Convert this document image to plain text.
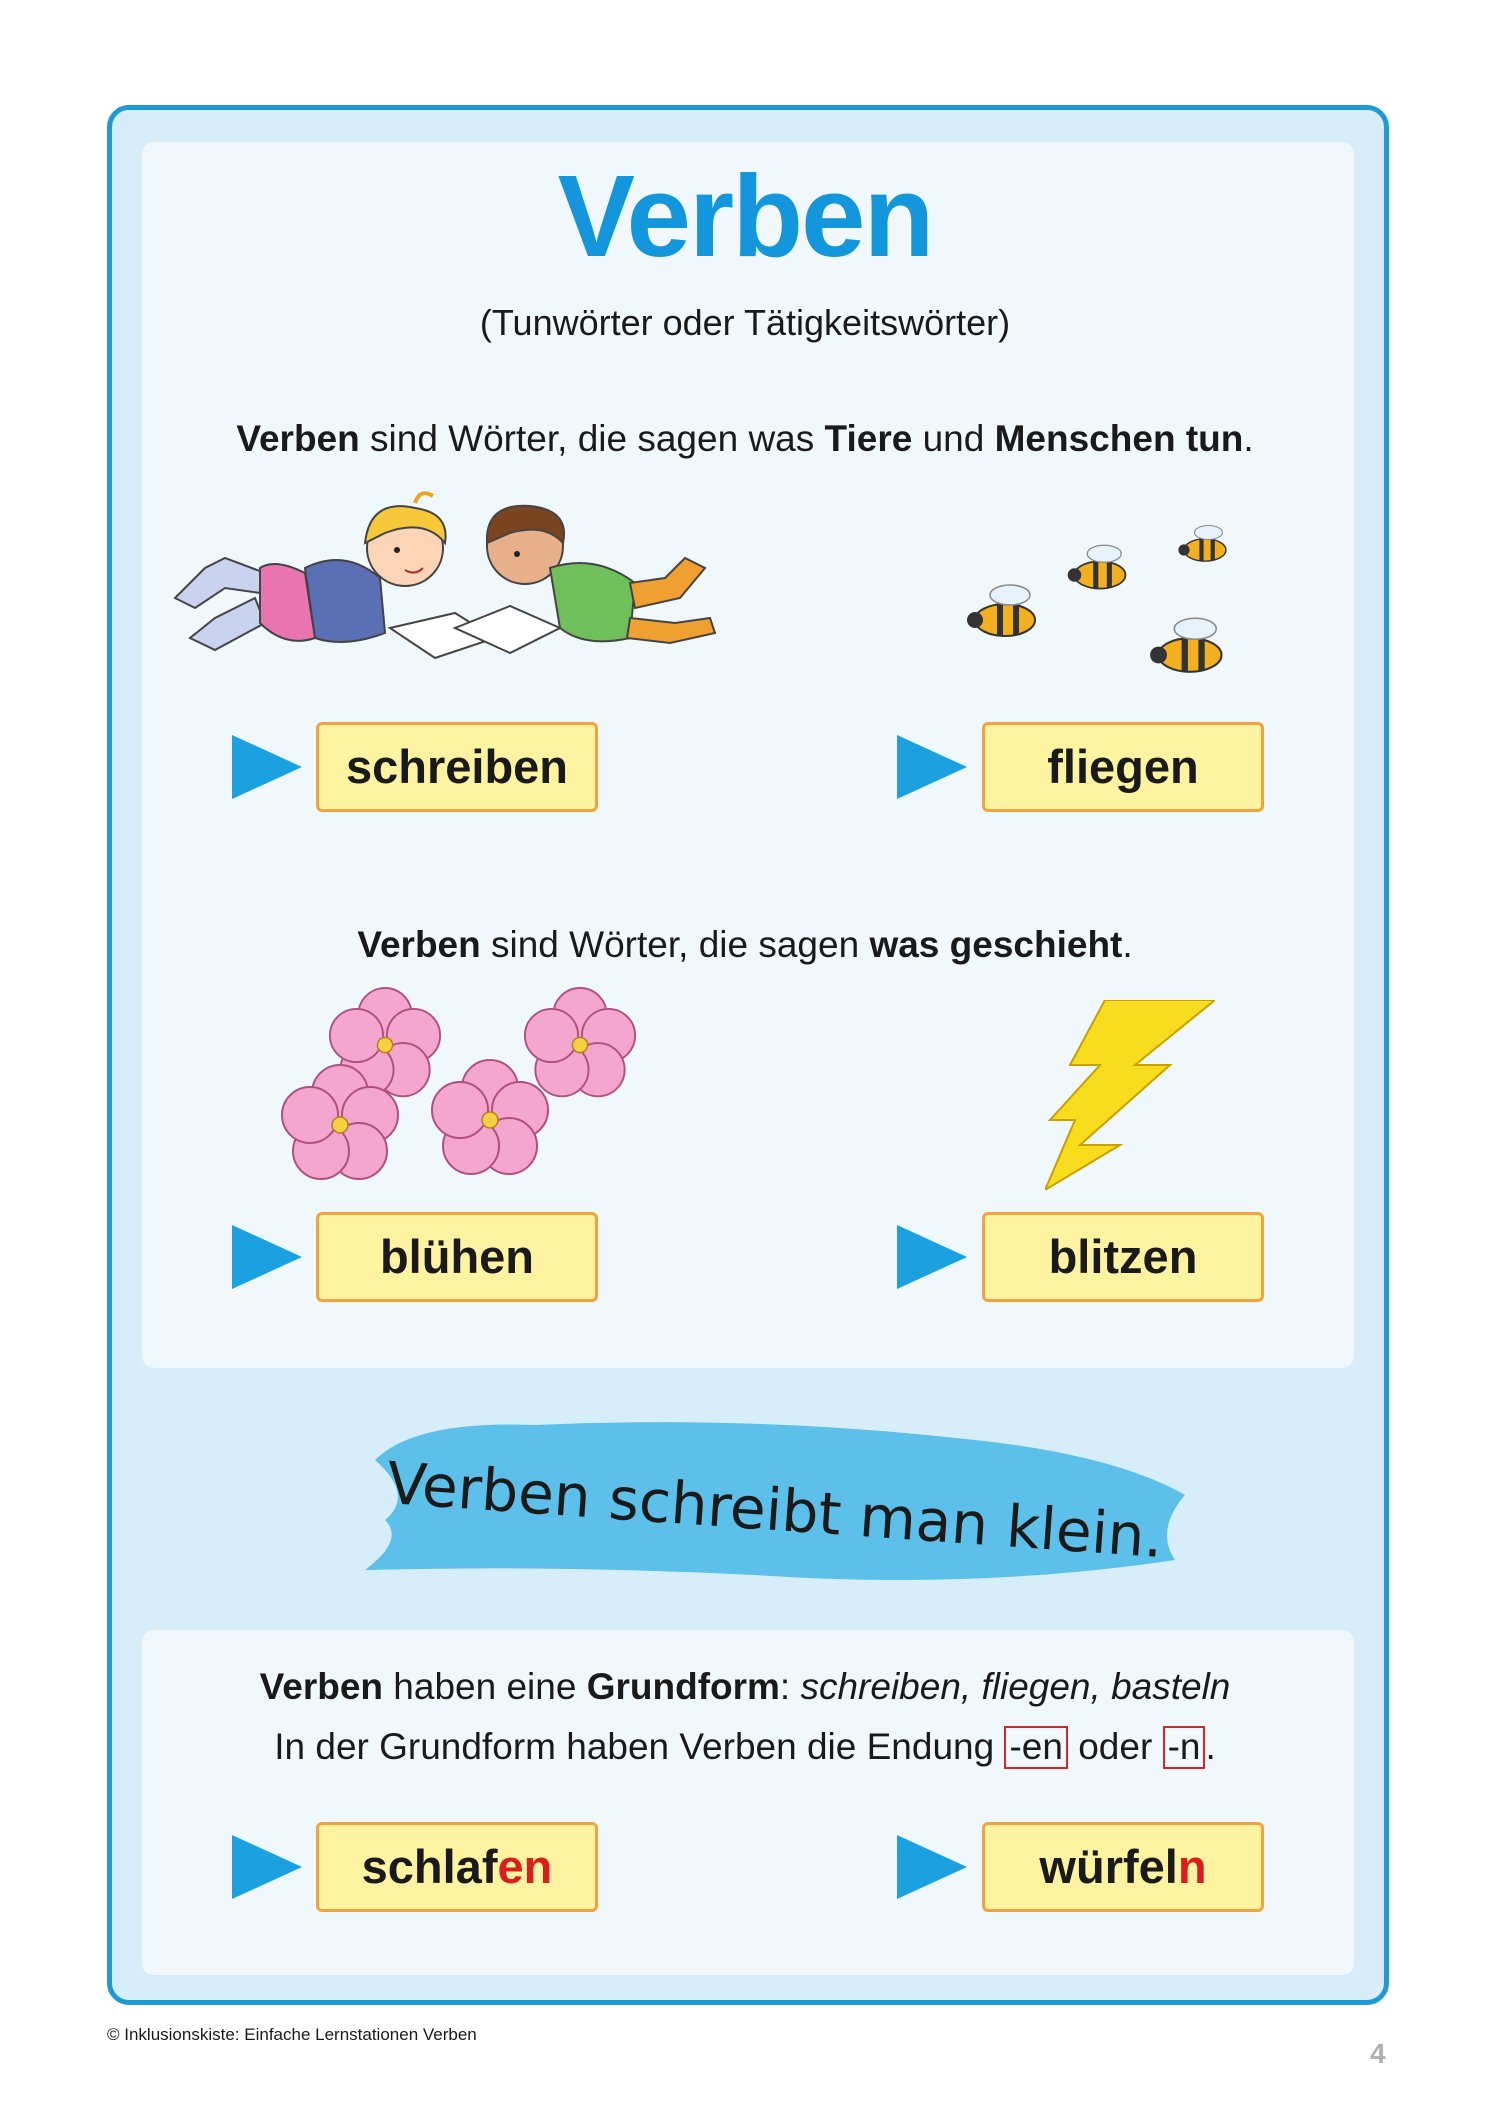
Verben
(Tunwörter oder Tätigkeitswörter)
Verben sind Wörter, die sagen was Tiere und Menschen tun.
schreiben	fliegen
Verben sind Wörter, die sagen was geschieht.
blühen	blitzen
Verben schreibt man klein.
Verben haben eine Grundform: schreiben, fliegen, basteln
In der Grundform haben Verben die Endung -en oder -n .
schlafen	würfeln
© Inklusionskiste: Einfache Lernstationen Verben
4
